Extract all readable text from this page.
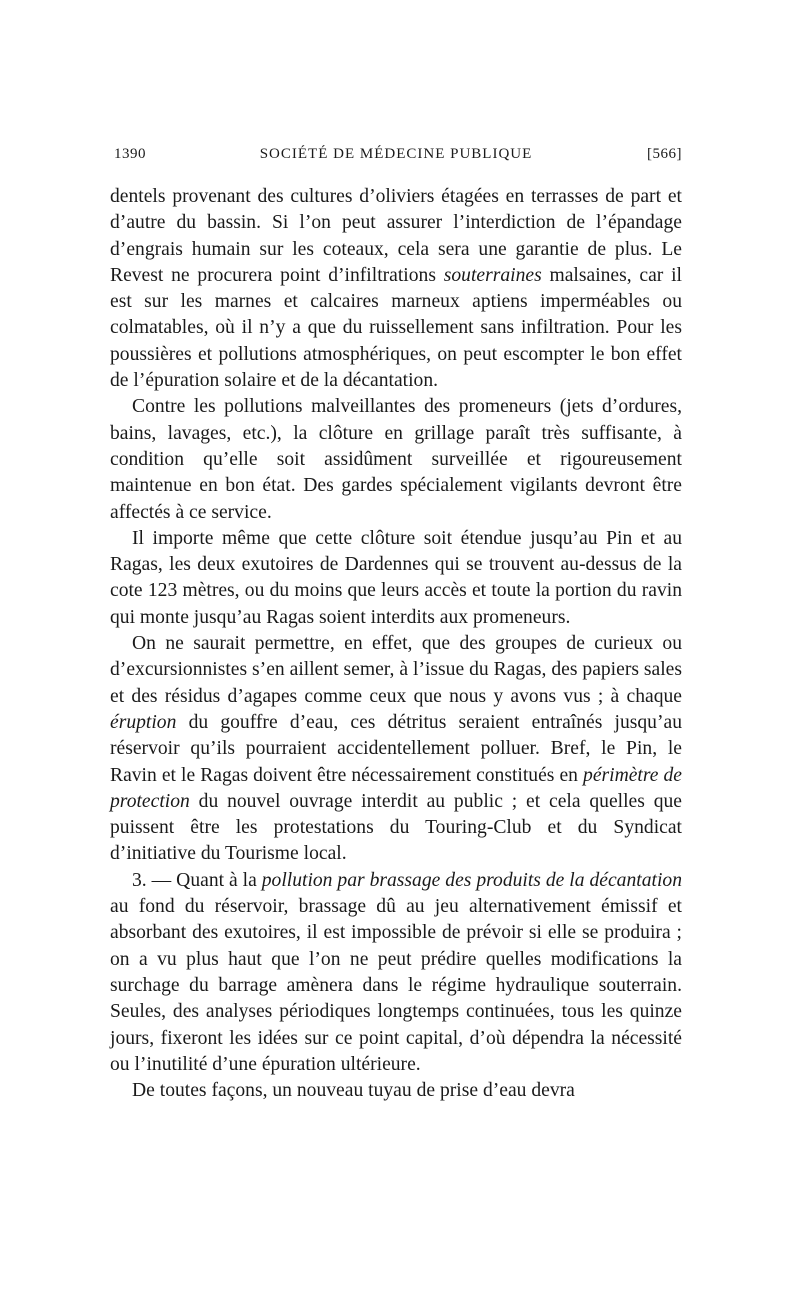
1390	SOCIÉTÉ DE MÉDECINE PUBLIQUE	[566]

dentels provenant des cultures d’oliviers étagées en terrasses de part et d’autre du bassin. Si l’on peut assurer l’interdiction de l’épandage d’engrais humain sur les coteaux, cela sera une garantie de plus. Le Revest ne procurera point d’infiltrations souterraines malsaines, car il est sur les marnes et calcaires marneux aptiens imperméables ou colmatables, où il n’y a que du ruissellement sans infiltration. Pour les poussières et pollutions atmosphériques, on peut escompter le bon effet de l’épuration solaire et de la décantation.

Contre les pollutions malveillantes des promeneurs (jets d’ordures, bains, lavages, etc.), la clôture en grillage paraît très suffisante, à condition qu’elle soit assidûment surveillée et rigoureusement maintenue en bon état. Des gardes spécialement vigilants devront être affectés à ce service.

Il importe même que cette clôture soit étendue jusqu’au Pin et au Ragas, les deux exutoires de Dardennes qui se trouvent au-dessus de la cote 123 mètres, ou du moins que leurs accès et toute la portion du ravin qui monte jusqu’au Ragas soient interdits aux promeneurs.

On ne saurait permettre, en effet, que des groupes de curieux ou d’excursionnistes s’en aillent semer, à l’issue du Ragas, des papiers sales et des résidus d’agapes comme ceux que nous y avons vus ; à chaque éruption du gouffre d’eau, ces détritus seraient entraînés jusqu’au réservoir qu’ils pourraient accidentellement polluer. Bref, le Pin, le Ravin et le Ragas doivent être nécessairement constitués en périmètre de protection du nouvel ouvrage interdit au public ; et cela quelles que puissent être les protestations du Touring-Club et du Syndicat d’initiative du Tourisme local.

3. — Quant à la pollution par brassage des produits de la décantation au fond du réservoir, brassage dû au jeu alternativement émissif et absorbant des exutoires, il est impossible de prévoir si elle se produira ; on a vu plus haut que l’on ne peut prédire quelles modifications la surchage du barrage amènera dans le régime hydraulique souterrain. Seules, des analyses périodiques longtemps continuées, tous les quinze jours, fixeront les idées sur ce point capital, d’où dépendra la nécessité ou l’inutilité d’une épuration ultérieure.

De toutes façons, un nouveau tuyau de prise d’eau devra
